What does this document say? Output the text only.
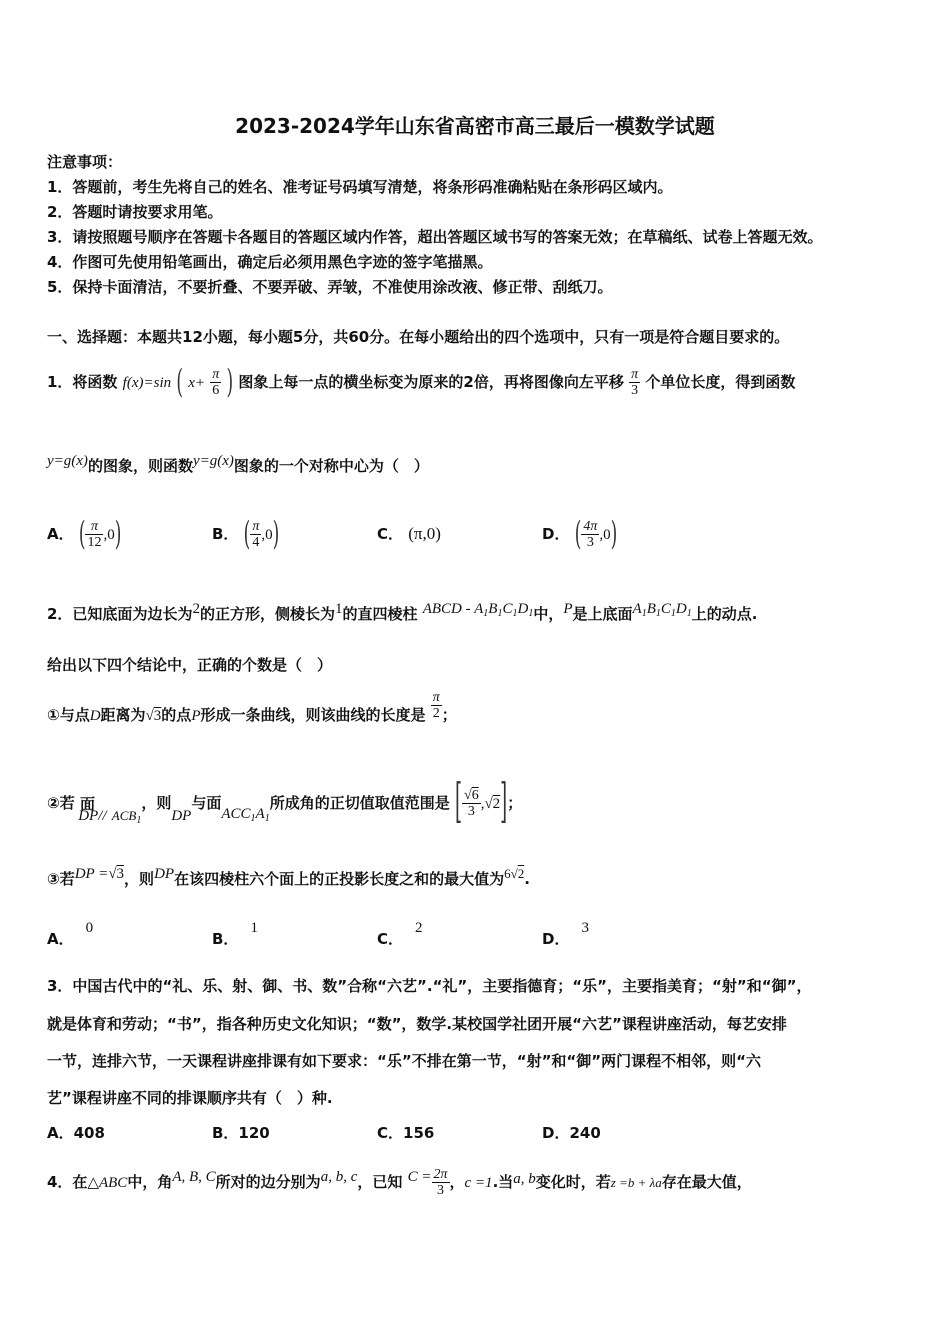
2023-2024学年山东省高密市高三最后一模数学试题
注意事项：
1．答题前，考生先将自己的姓名、准考证号码填写清楚，将条形码准确粘贴在条形码区域内。
2．答题时请按要求用笔。
3．请按照题号顺序在答题卡各题目的答题区域内作答，超出答题区域书写的答案无效；在草稿纸、试卷上答题无效。
4．作图可先使用铅笔画出，确定后必须用黑色字迹的签字笔描黑。
5．保持卡面清洁，不要折叠、不要弄破、弄皱，不准使用涂改液、修正带、刮纸刀。
一、选择题：本题共12小题，每小题5分，共60分。在每小题给出的四个选项中，只有一项是符合题目要求的。
1．将函数 f(x)=sin ( $x+ \frac{\pi}{6}$ ) 图象上每一点的横坐标变为原来的2倍，再将图像向左平移 $\frac{\pi}{3}$ 个单位长度，得到函数
y=g(x)的图象，则函数y=g(x)图象的一个对称中心为（　）
A． ( $\frac{\pi}{12} ,0$)	B． ( $\frac{\pi}{4} ,0$)	C． (π,0)	D． ( $\frac{4\pi}{3} ,0$)
2．已知底面为边长为2的正方形，侧棱长为1的直四棱柱 ABCD - $A_1B_1C_1D_1$中，P是上底面$A_1B_1C_1D_1$上的动点.
给出以下四个结论中，正确的个数是（　）
①与点D距离为√3的点P形成一条曲线，则该曲线的长度是 $\frac{\pi}{2}$ ；
②若 面
DP// $ACB_1$，则DP与面$ACC_1A_1$所成角的正切值取值范围是 [ $\frac{√6}{3} ,√2$]；
③若DP =√3，则DP在该四棱柱六个面上的正投影长度之和的最大值为6√2.
A．0
B．1
C．2
D．3
3．中国古代中的“礼、乐、射、御、书、数”合称“六艺”.“礼”，主要指德育；“乐”，主要指美育；“射”和“御”，
就是体育和劳动；“书”，指各种历史文化知识；“数”，数学.某校国学社团开展“六艺”课程讲座活动，每艺安排
一节，连排六节，一天课程讲座排课有如下要求：“乐”不排在第一节，“射”和“御”两门课程不相邻，则“六
艺”课程讲座不同的排课顺序共有（　）种.
A．408	B．120	C．156	D．240
4．在△ABC中，角A, B, C所对的边分别为a, b, c，已知 $C = \frac{2\pi}{3}$ ，c =1.当a, b变化时，若z =b + λa存在最大值，
